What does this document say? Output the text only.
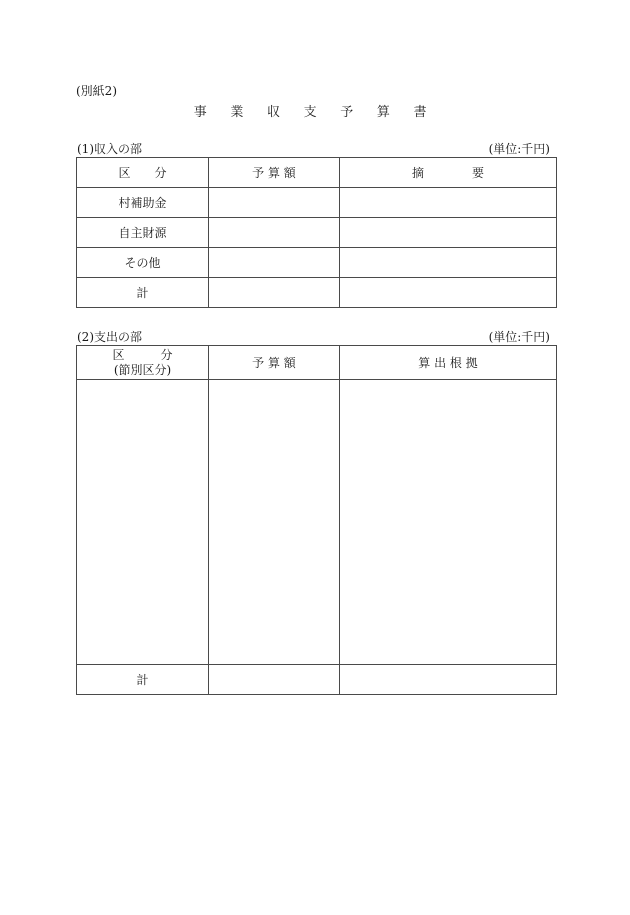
(別紙2)
事 業 収 支 予 算 書
(1)収入の部	(単位:千円)
区　　分	予 算 額	摘　　　　要
村補助金		
自主財源		
その他		
計		
(2)支出の部	(単位:千円)
区　　　分
(節別区分)	予 算 額	算 出 根 拠

計		
